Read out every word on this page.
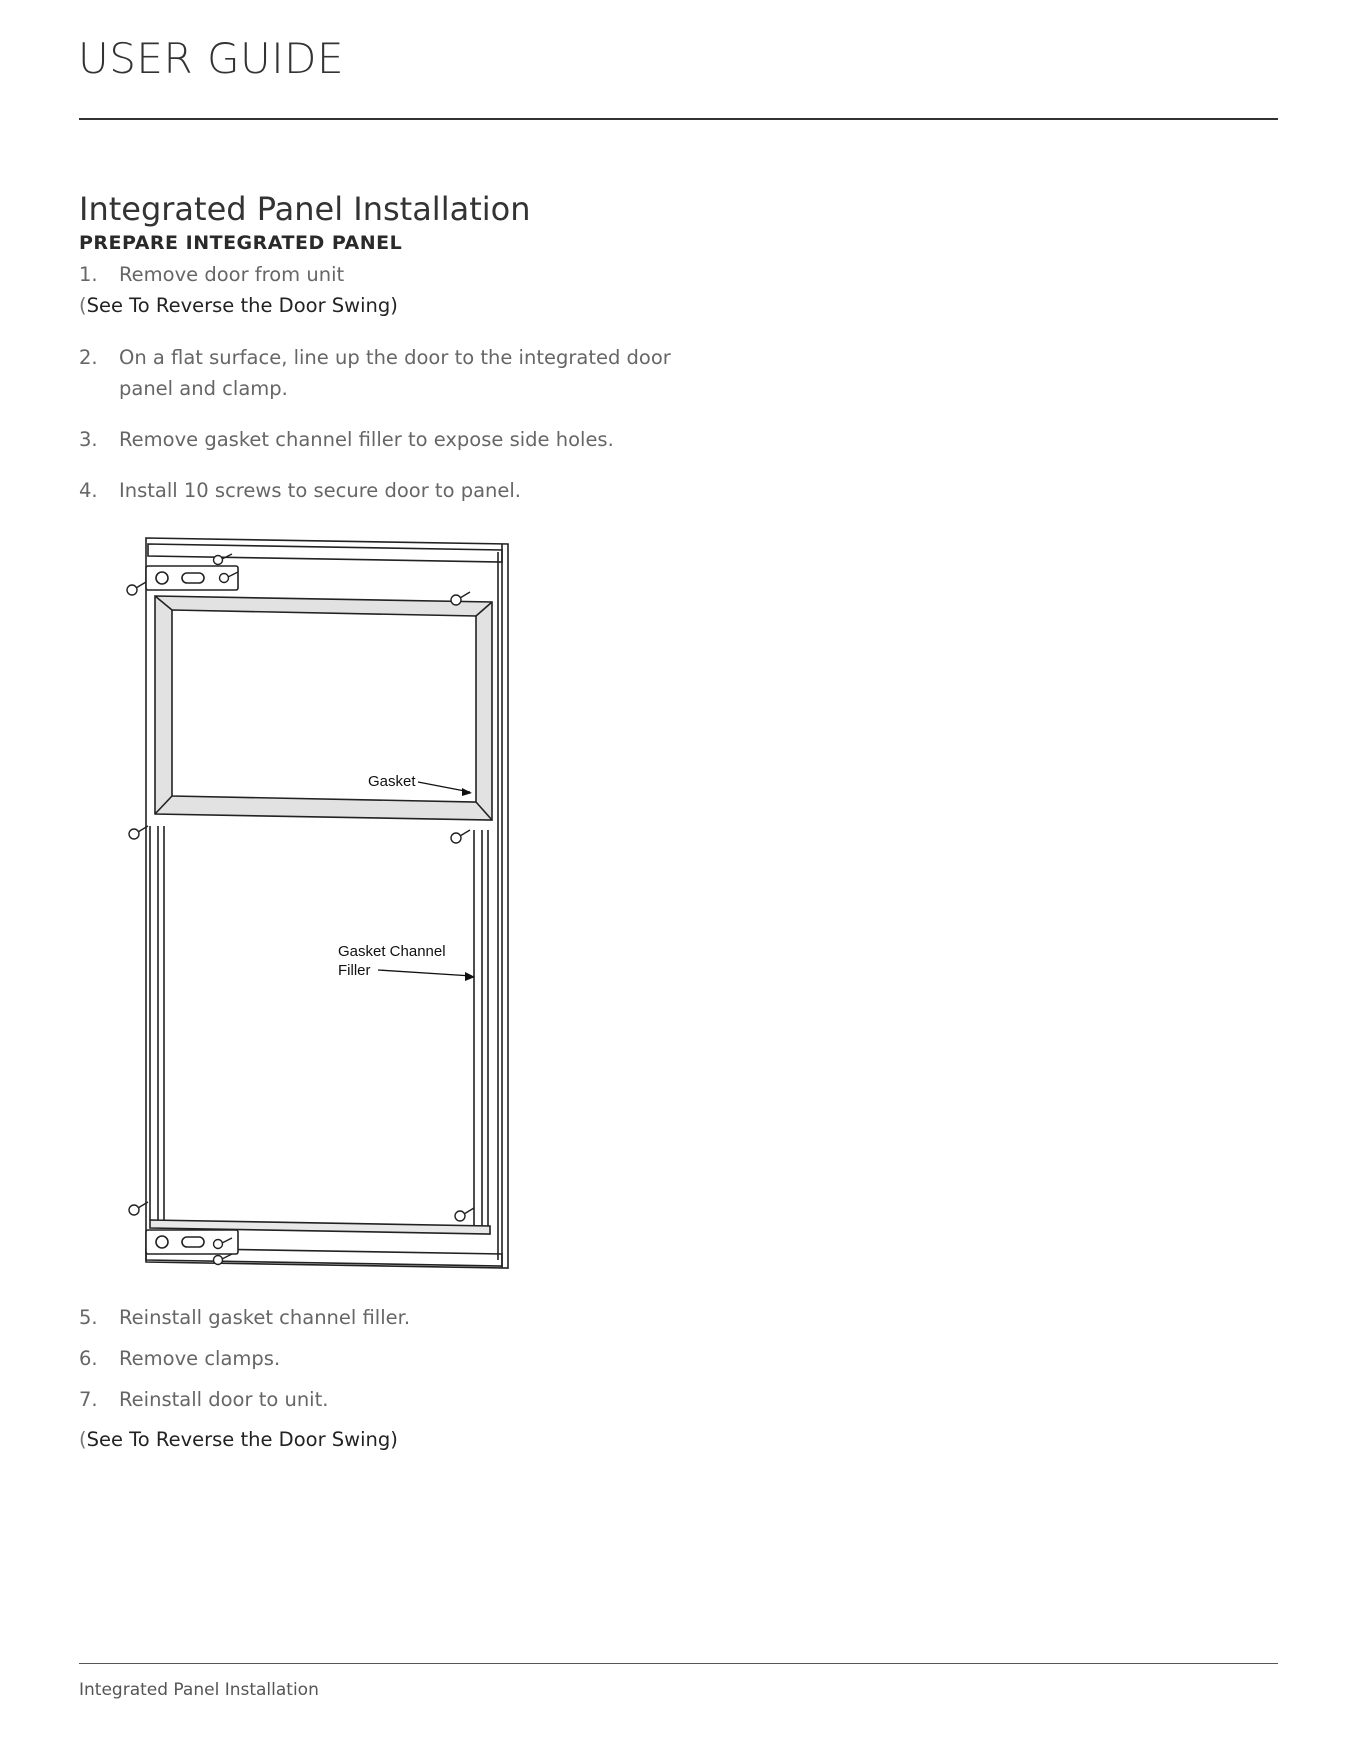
USER GUIDE
Integrated Panel Installation
PREPARE INTEGRATED PANEL
1. Remove door from unit
(See To Reverse the Door Swing)
2. On a flat surface, line up the door to the integrated door panel and clamp.
3. Remove gasket channel filler to expose side holes.
4. Install 10 screws to secure door to panel.
Gasket
Gasket Channel
Filler
5. Reinstall gasket channel filler.
6. Remove clamps.
7. Reinstall door to unit.
(See To Reverse the Door Swing)
Integrated Panel Installation
